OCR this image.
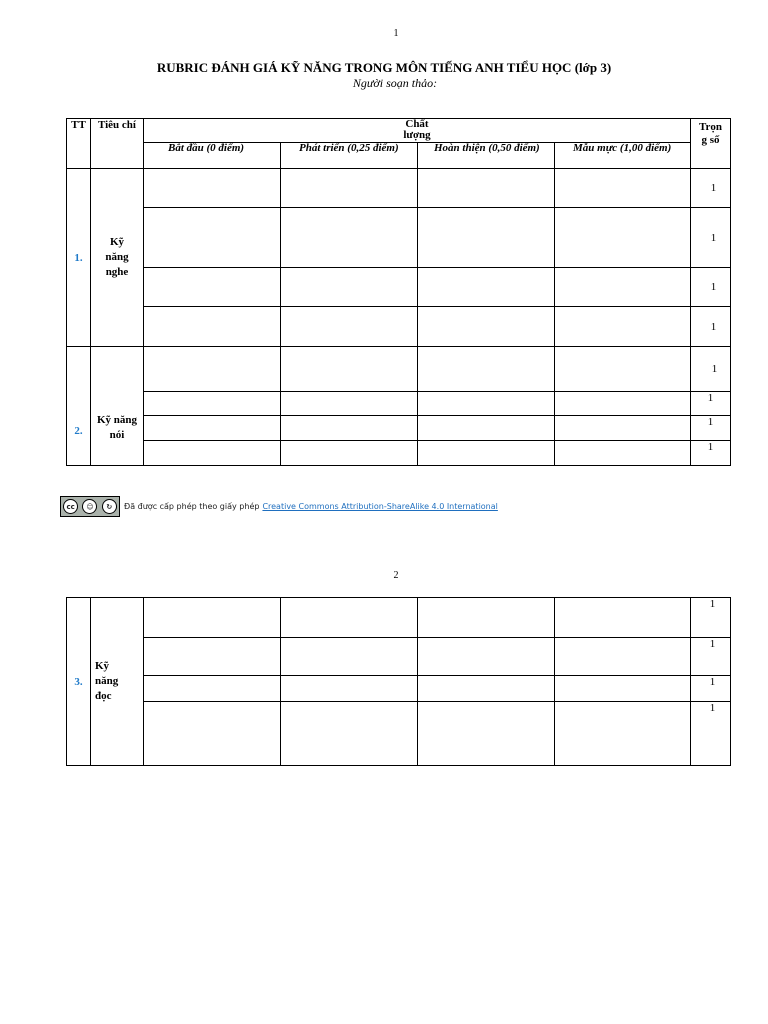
1
RUBRIC ĐÁNH GIÁ KỸ NĂNG TRONG MÔN TIẾNG ANH TIỂU HỌC (lớp 3)
Người soạn thảo:
TT	Tiêu chí	Chất lượng				Trọng số
		Bắt đầu (0 điểm)	Phát triển (0,25 điểm)	Hoàn thiện (0,50 điểm)	Mẫu mực (1,00 điểm)	
1.	Kỹ năng nghe					1
						1
						1
						1
2.	Kỹ năng nói					1
						1
						1
						1
cc	☺	↻	Đã được cấp phép theo giấy phép Creative Commons Attribution-ShareAlike 4.0 International
2
3.	Kỹ năng đọc					1
						1
						1
						1
